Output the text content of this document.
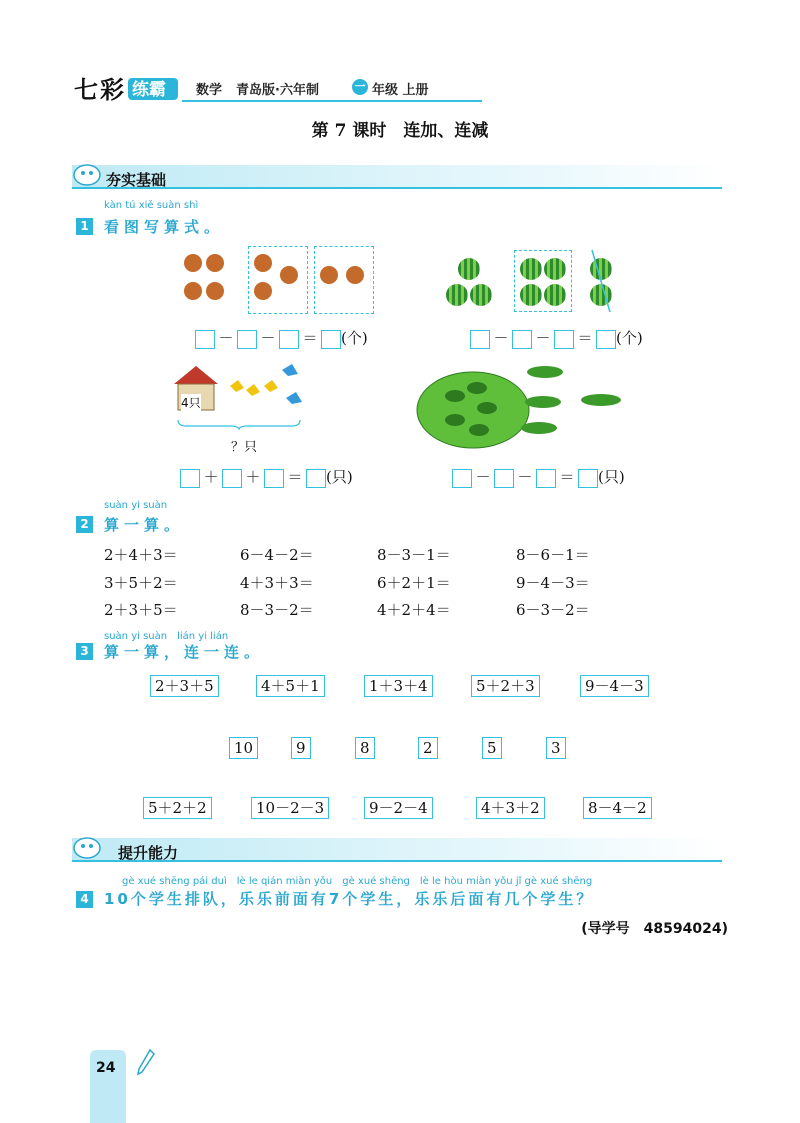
七 彩 练霸 数学 青岛版·六年制	一 年级 上册
第 7 课时　连加、连减
夯实基础
kàn tú xiě suàn shì
1 看图写算式。
－ － ＝ (个)	－ － ＝ (个)
4只
？只
＋ ＋ ＝ (只)	－ － ＝ (只)
suàn yi suàn
2 算一算。
2＋4＋3＝	6－4－2＝	8－3－1＝	8－6－1＝
3＋5＋2＝	4＋3＋3＝	6＋2＋1＝	9－4－3＝
2＋3＋5＝	8－3－2＝	4＋2＋4＝	6－3－2＝
suàn yi suàn　lián yi lián
3 算一算，连一连。
2＋3＋5	4＋5＋1	1＋3＋4	5＋2＋3	9－4－3
10	9	8	2	5	3
5＋2＋2	10－2－3	9－2－4	4＋3＋2	8－4－2
提升能力
gè xué shēng pái duì　lè le qián miàn yǒu　gè xué shēng　lè le hòu miàn yǒu jǐ gè xué shēng
4 10个学生排队，乐乐前面有7个学生，乐乐后面有几个学生？
(导学号　48594024)
24
